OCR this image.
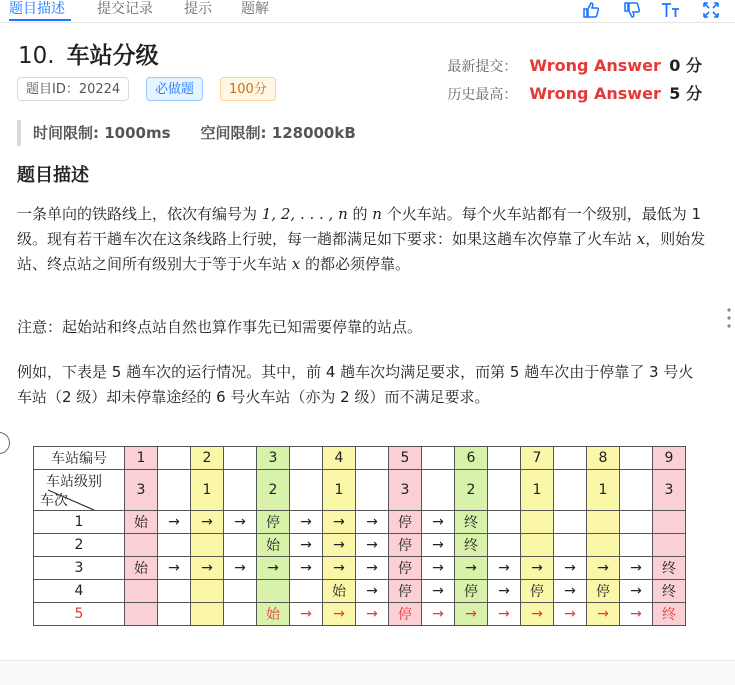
题目描述 提交记录 提示 题解
10. 车站分级
题目ID：20224	必做题	100分
最新提交： Wrong Answer 0 分
历史最高： Wrong Answer 5 分
时间限制: 1000ms 空间限制: 128000kB
题目描述
一条单向的铁路线上，依次有编号为 1, 2, . . . , n 的 n 个火车站。每个火车站都有一个级别，最低为 1 级。现有若干趟车次在这条线路上行驶，每一趟都满足如下要求：如果这趟车次停靠了火车站 x，则始发站、终点站之间所有级别大于等于火车站 x 的都必须停靠。
注意：起始站和终点站自然也算作事先已知需要停靠的站点。
例如，下表是 5 趟车次的运行情况。其中，前 4 趟车次均满足要求，而第 5 趟车次由于停靠了 3 号火车站（2 级）却未停靠途经的 6 号火车站（亦为 2 级）而不满足要求。
车站编号	1		2		3		4		5		6		7		8		9

车站级别
车次	3		1		2		1		3		2		1		1		3
1	始	→	→	→	停	→	→	→	停	→	终						
2					始	→	→	→	停	→	终						
3	始	→	→	→	→	→	→	→	停	→	→	→	→	→	→	→	终
4							始	→	停	→	停	→	停	→	停	→	终
5					始	→	→	→	停	→	→	→	→	→	→	→	终
